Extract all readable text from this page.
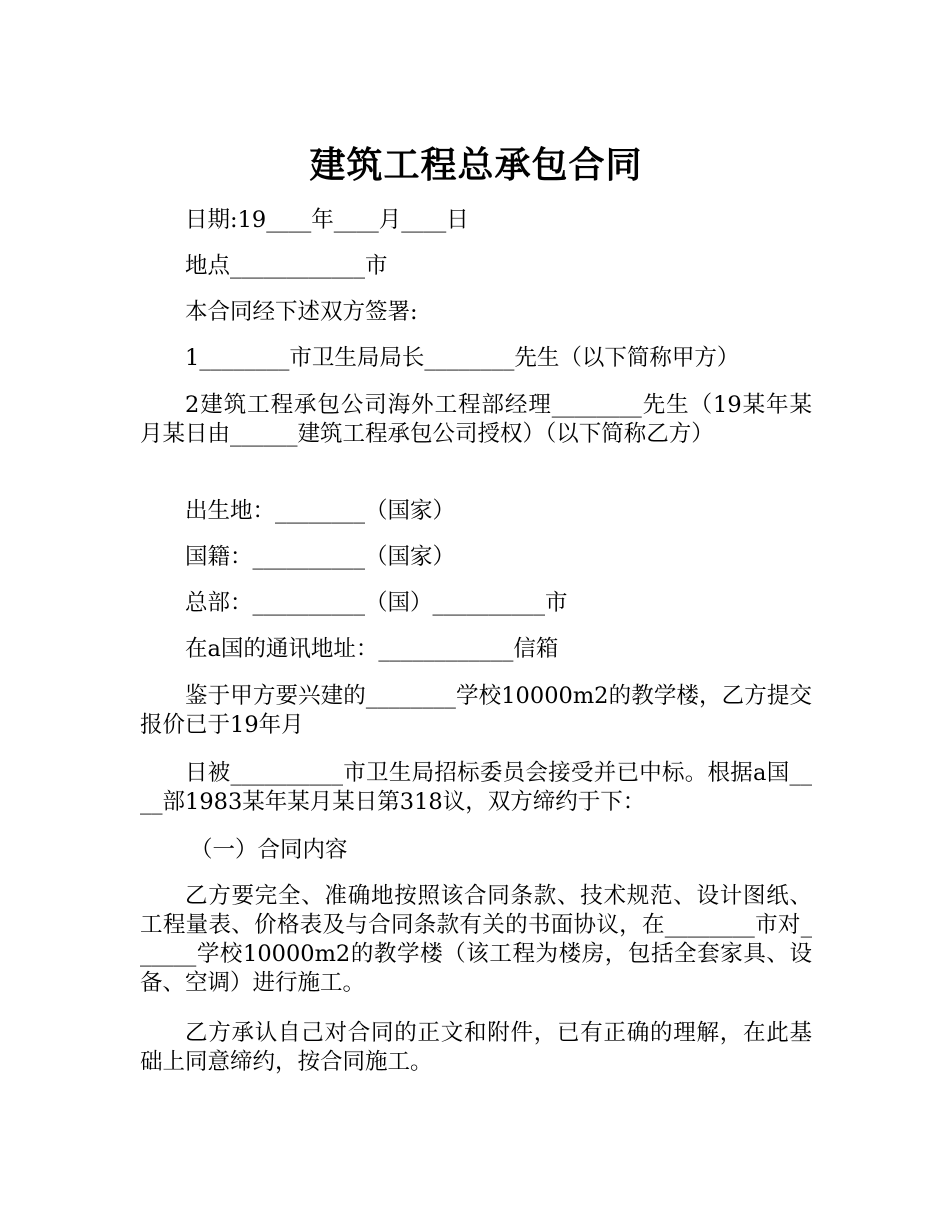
建筑工程总承包合同

日期:19____年____月____日

地点____________市

本合同经下述双方签署:

1________市卫生局局长________先生（以下简称甲方）

2建筑工程承包公司海外工程部经理________先生（19某年某月某日由______建筑工程承包公司授权）（以下简称乙方）

出生地：________（国家）

国籍：__________（国家）

总部：__________（国）__________市

在a国的通讯地址：____________信箱

鉴于甲方要兴建的________学校10000m2的教学楼，乙方提交报价已于19年月

日被__________市卫生局招标委员会接受并已中标。根据a国____部1983某年某月某日第318议，双方缔约于下：

（一）合同内容

乙方要完全、准确地按照该合同条款、技术规范、设计图纸、工程量表、价格表及与合同条款有关的书面协议，在________市对______学校10000m2的教学楼（该工程为楼房，包括全套家具、设备、空调）进行施工。

乙方承认自己对合同的正文和附件，已有正确的理解，在此基础上同意缔约，按合同施工。
